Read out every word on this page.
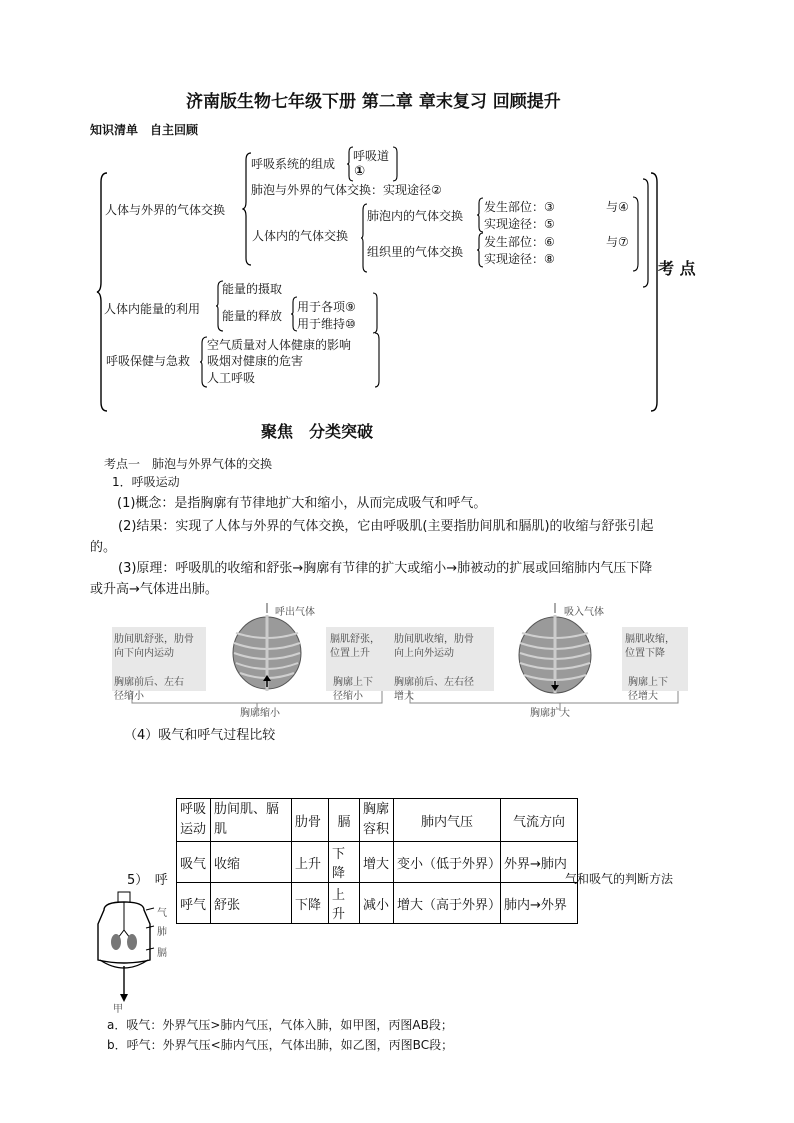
济南版生物七年级下册 第二章 章末复习 回顾提升
知识清单　自主回顾
人体与外界的气体交换
呼吸系统的组成
呼吸道
①
肺泡与外界的气体交换：实现途径②
人体内的气体交换
肺泡内的气体交换
发生部位：③	与④
实现途径：⑤
组织里的气体交换
发生部位：⑥	与⑦
实现途径：⑧	考 点
人体内能量的利用
能量的摄取
能量的释放
用于各项⑨
用于维持⑩
呼吸保健与急救
空气质量对人体健康的影响
吸烟对健康的危害
人工呼吸
聚焦　分类突破
考点一　肺泡与外界气体的交换
1．呼吸运动
(1)概念：是指胸廓有节律地扩大和缩小，从而完成吸气和呼气。
(2)结果：实现了人体与外界的气体交换，它由呼吸肌(主要指肋间肌和膈肌)的收缩与舒张引起
的。
(3)原理：呼吸肌的收缩和舒张→胸廓有节律的扩大或缩小→肺被动的扩展或回缩肺内气压下降
或升高→气体进出肺。
呼出气体
肋间肌舒张，肋骨
向下向内运动
胸廓前后、左右
径缩小
膈肌舒张，
位置上升
胸廓上下
径缩小
胸廓缩小
吸入气体
肋间肌收缩，肋骨
向上向外运动
胸廓前后、左右径
增大
膈肌收缩，
位置下降
胸廓上下
径增大
胸廓扩大
（4）吸气和呼气过程比较
呼吸运动	肋间肌、膈肌	肋骨	膈	胸廓容积	肺内气压	气流方向
吸气	收缩	上升	下降	增大	变小（低于外界）	外界→肺内
呼气	舒张	下降	上升	减小	增大（高于外界）	肺内→外界
5）　呼	气和吸气的判断方法
气
肺
膈
甲
a．吸气：外界气压>肺内气压，气体入肺，如甲图，丙图AB段；
b．呼气：外界气压<肺内气压，气体出肺，如乙图，丙图BC段；
